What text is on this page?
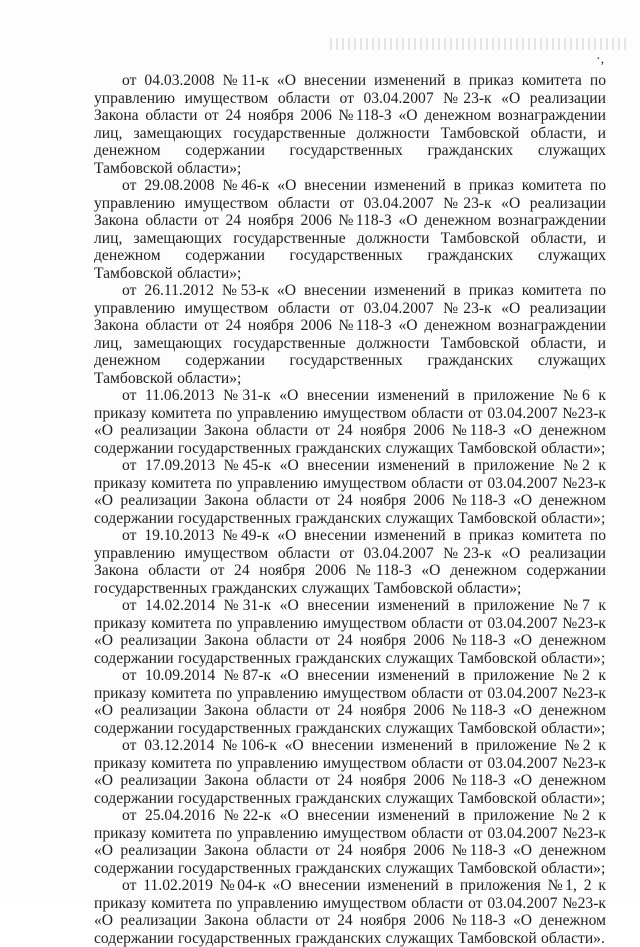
·,

от 04.03.2008 №11-к «О внесении изменений в приказ комитета по управлению имуществом области от 03.04.2007 №23-к «О реализации Закона области от 24 ноября 2006 №118-З «О денежном вознаграждении лиц, замещающих государственные должности Тамбовской области, и денежном содержании государственных гражданских служащих Тамбовской области»;

от 29.08.2008 №46-к «О внесении изменений в приказ комитета по управлению имуществом области от 03.04.2007 №23-к «О реализации Закона области от 24 ноября 2006 №118-З «О денежном вознаграждении лиц, замещающих государственные должности Тамбовской области, и денежном содержании государственных гражданских служащих Тамбовской области»;

от 26.11.2012 №53-к «О внесении изменений в приказ комитета по управлению имуществом области от 03.04.2007 №23-к «О реализации Закона области от 24 ноября 2006 №118-З «О денежном вознаграждении лиц, замещающих государственные должности Тамбовской области, и денежном содержании государственных гражданских служащих Тамбовской области»;

от 11.06.2013 №31-к «О внесении изменений в приложение №6 к приказу комитета по управлению имуществом области от 03.04.2007 №23-к «О реализации Закона области от 24 ноября 2006 №118-З «О денежном содержании государственных гражданских служащих Тамбовской области»;

от 17.09.2013 №45-к «О внесении изменений в приложение №2 к приказу комитета по управлению имуществом области от 03.04.2007 №23-к «О реализации Закона области от 24 ноября 2006 №118-З «О денежном содержании государственных гражданских служащих Тамбовской области»;

от 19.10.2013 №49-к «О внесении изменений в приказ комитета по управлению имуществом области от 03.04.2007 №23-к «О реализации Закона области от 24 ноября 2006 №118-З «О денежном содержании государственных гражданских служащих Тамбовской области»;

от 14.02.2014 №31-к «О внесении изменений в приложение №7 к приказу комитета по управлению имуществом области от 03.04.2007 №23-к «О реализации Закона области от 24 ноября 2006 №118-З «О денежном содержании государственных гражданских служащих Тамбовской области»;

от 10.09.2014 №87-к «О внесении изменений в приложение №2 к приказу комитета по управлению имуществом области от 03.04.2007 №23-к «О реализации Закона области от 24 ноября 2006 №118-З «О денежном содержании государственных гражданских служащих Тамбовской области»;

от 03.12.2014 №106-к «О внесении изменений в приложение №2 к приказу комитета по управлению имуществом области от 03.04.2007 №23-к «О реализации Закона области от 24 ноября 2006 №118-З «О денежном содержании государственных гражданских служащих Тамбовской области»;

от 25.04.2016 №22-к «О внесении изменений в приложение №2 к приказу комитета по управлению имуществом области от 03.04.2007 №23-к «О реализации Закона области от 24 ноября 2006 №118-З «О денежном содержании государственных гражданских служащих Тамбовской области»;

от 11.02.2019 №04-к «О внесении изменений в приложения №1, 2 к приказу комитета по управлению имуществом области от 03.04.2007 №23-к «О реализации Закона области от 24 ноября 2006 №118-З «О денежном содержании государственных гражданских служащих Тамбовской области».
